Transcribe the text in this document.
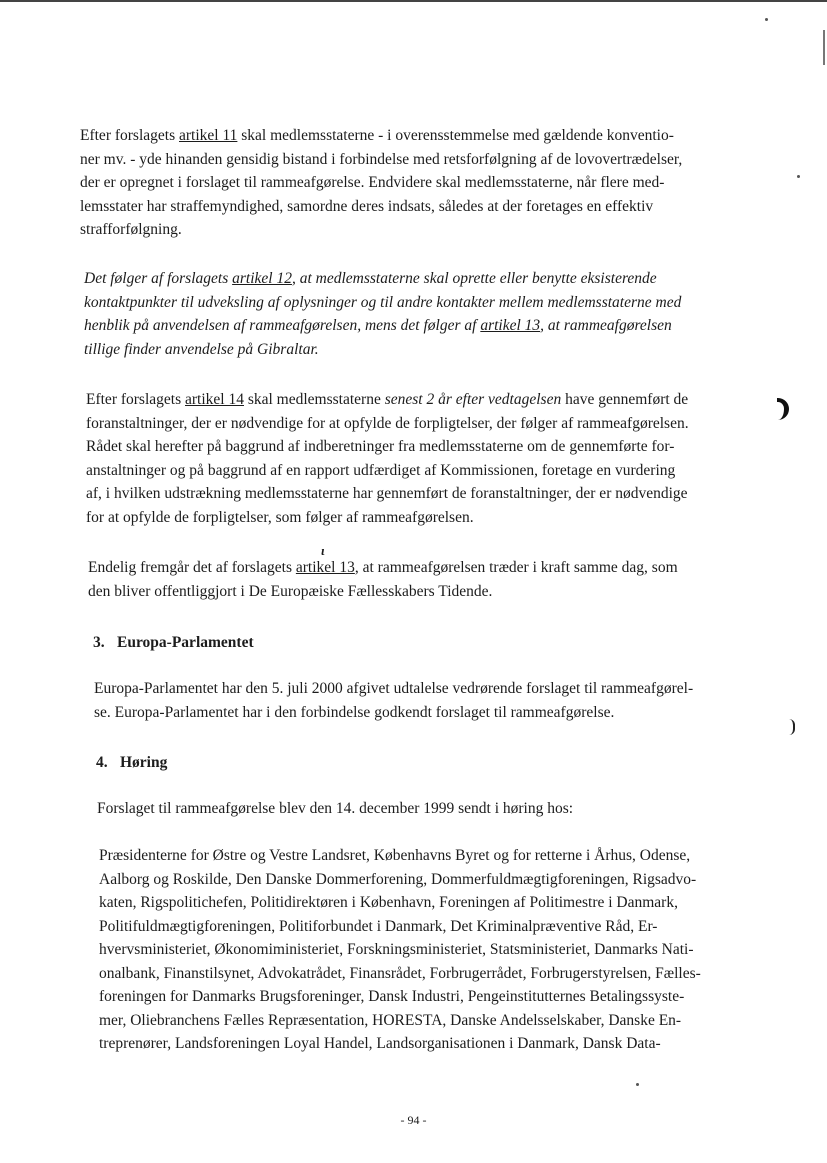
ɩ
Efter forslagets artikel 11 skal medlemsstaterne - i overensstemmelse med gældende konventio-
ner mv. - yde hinanden gensidig bistand i forbindelse med retsforfølgning af de lovovertrædelser,
der er opregnet i forslaget til rammeafgørelse. Endvidere skal medlemsstaterne, når flere med-
lemsstater har straffemyndighed, samordne deres indsats, således at der foretages en effektiv
strafforfølgning.
Det følger af forslagets artikel 12, at medlemsstaterne skal oprette eller benytte eksisterende
kontaktpunkter til udveksling af oplysninger og til andre kontakter mellem medlemsstaterne med
henblik på anvendelsen af rammeafgørelsen, mens det følger af artikel 13, at rammeafgørelsen
tillige finder anvendelse på Gibraltar.
Efter forslagets artikel 14 skal medlemsstaterne senest 2 år efter vedtagelsen have gennemført de
foranstaltninger, der er nødvendige for at opfylde de forpligtelser, der følger af rammeafgørelsen.
Rådet skal herefter på baggrund af indberetninger fra medlemsstaterne om de gennemførte for-
anstaltninger og på baggrund af en rapport udfærdiget af Kommissionen, foretage en vurdering
af, i hvilken udstrækning medlemsstaterne har gennemført de foranstaltninger, der er nødvendige
for at opfylde de forpligtelser, som følger af rammeafgørelsen.
Endelig fremgår det af forslagets artikel 13, at rammeafgørelsen træder i kraft samme dag, som
den bliver offentliggjort i De Europæiske Fællesskabers Tidende.
3. Europa-Parlamentet
Europa-Parlamentet har den 5. juli 2000 afgivet udtalelse vedrørende forslaget til rammeafgørel-
se. Europa-Parlamentet har i den forbindelse godkendt forslaget til rammeafgørelse.
4. Høring
Forslaget til rammeafgørelse blev den 14. december 1999 sendt i høring hos:
Præsidenterne for Østre og Vestre Landsret, Københavns Byret og for retterne i Århus, Odense,
Aalborg og Roskilde, Den Danske Dommerforening, Dommerfuldmægtigforeningen, Rigsadvo-
katen, Rigspolitichefen, Politidirektøren i København, Foreningen af Politimestre i Danmark,
Politifuldmægtigforeningen, Politiforbundet i Danmark, Det Kriminalpræventive Råd, Er-
hvervsministeriet, Økonomiministeriet, Forskningsministeriet, Statsministeriet, Danmarks Nati-
onalbank, Finanstilsynet, Advokatrådet, Finansrådet, Forbrugerrådet, Forbrugerstyrelsen, Fælles-
foreningen for Danmarks Brugsforeninger, Dansk Industri, Pengeinstitutternes Betalingssyste-
mer, Oliebranchens Fælles Repræsentation, HORESTA, Danske Andelsselskaber, Danske En-
treprenører, Landsforeningen Loyal Handel, Landsorganisationen i Danmark, Dansk Data-
- 94 -
